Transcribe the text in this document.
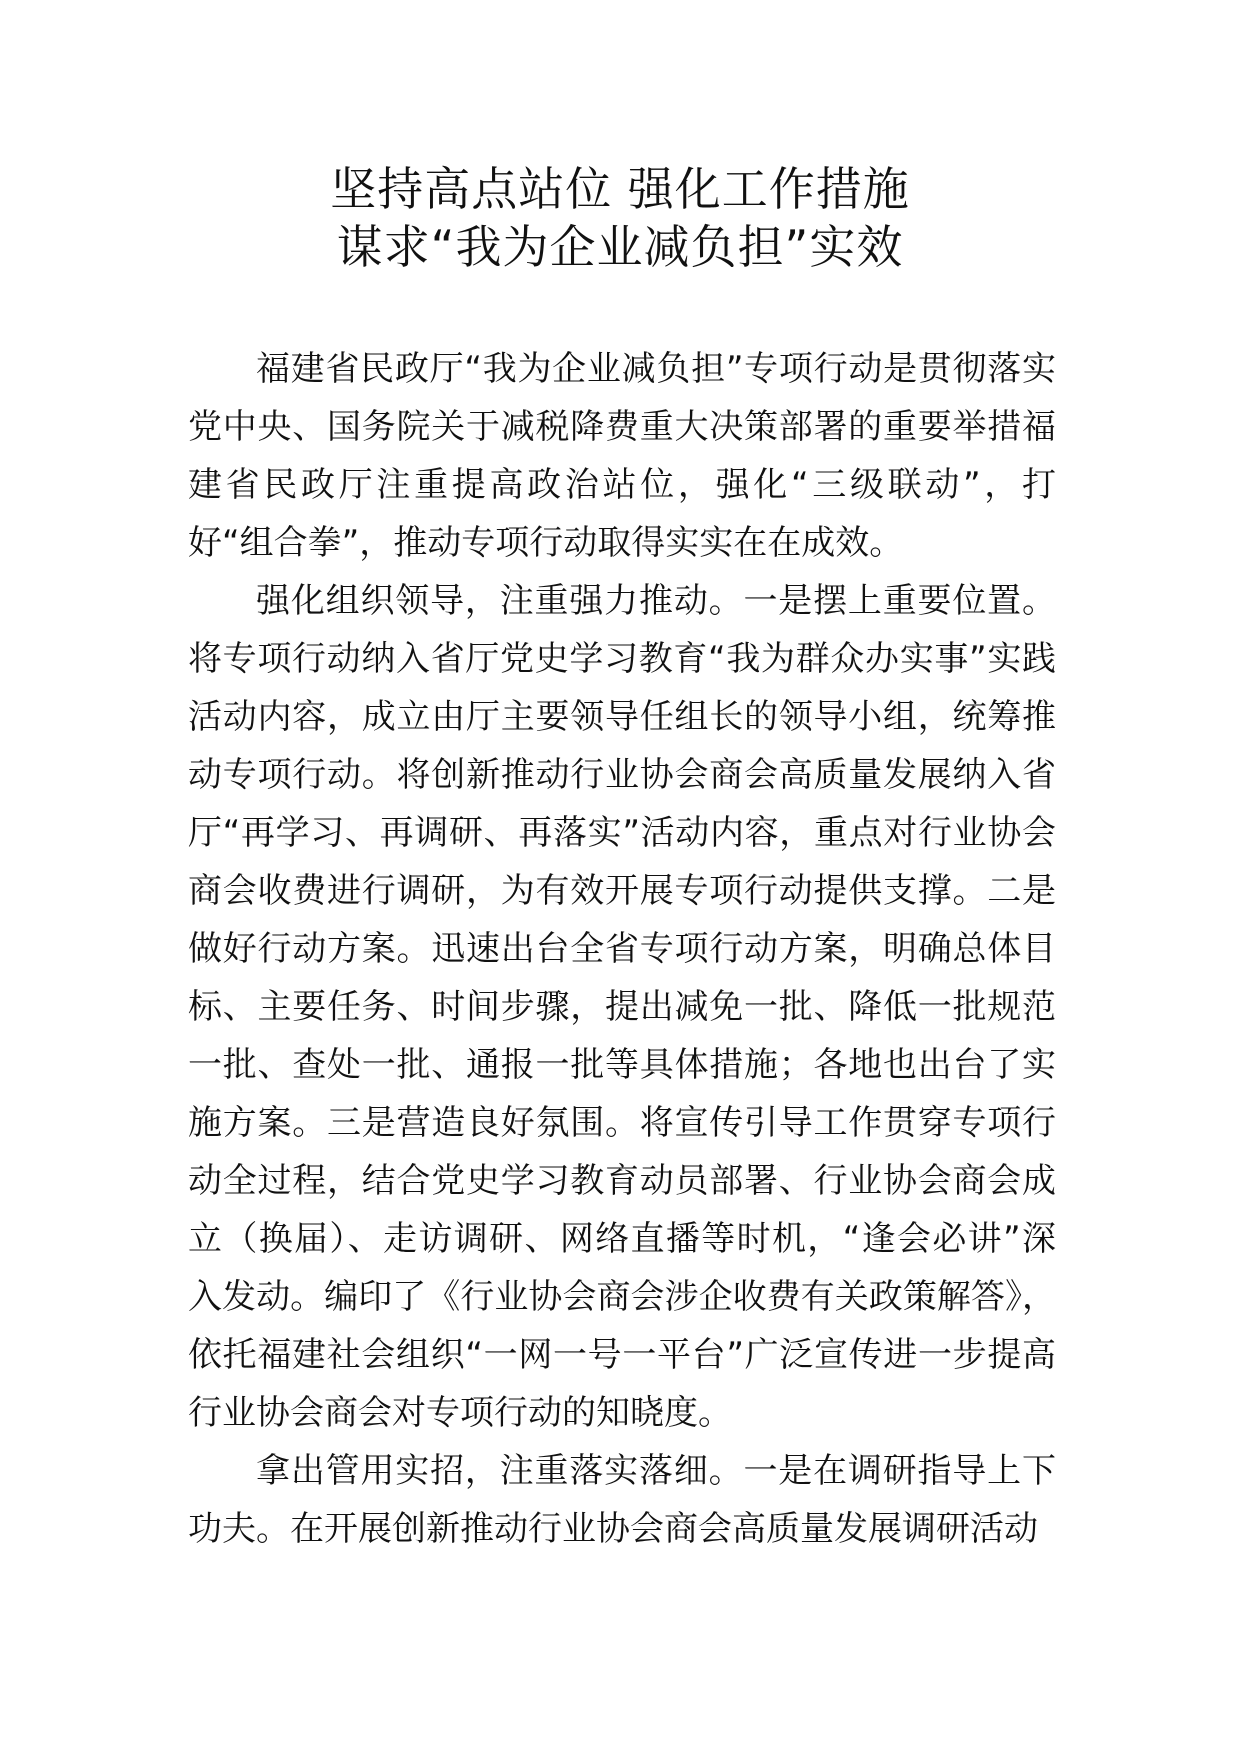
坚持高点站位 强化工作措施
谋求“我为企业减负担”实效

福建省民政厅“我为企业减负担”专项行动是贯彻落实党中央、国务院关于减税降费重大决策部署的重要举措福建省民政厅注重提高政治站位，强化“三级联动”，打好“组合拳”，推动专项行动取得实实在在成效。

强化组织领导，注重强力推动。一是摆上重要位置。将专项行动纳入省厅党史学习教育“我为群众办实事”实践活动内容，成立由厅主要领导任组长的领导小组，统筹推动专项行动。将创新推动行业协会商会高质量发展纳入省厅“再学习、再调研、再落实”活动内容，重点对行业协会商会收费进行调研，为有效开展专项行动提供支撑。二是做好行动方案。迅速出台全省专项行动方案，明确总体目标、主要任务、时间步骤，提出减免一批、降低一批规范一批、查处一批、通报一批等具体措施；各地也出台了实施方案。三是营造良好氛围。将宣传引导工作贯穿专项行动全过程，结合党史学习教育动员部署、行业协会商会成立（换届）、走访调研、网络直播等时机，“逢会必讲”深入发动。编印了《行业协会商会涉企收费有关政策解答》，依托福建社会组织“一网一号一平台”广泛宣传进一步提高行业协会商会对专项行动的知晓度。

拿出管用实招，注重落实落细。一是在调研指导上下功夫。在开展创新推动行业协会商会高质量发展调研活动
